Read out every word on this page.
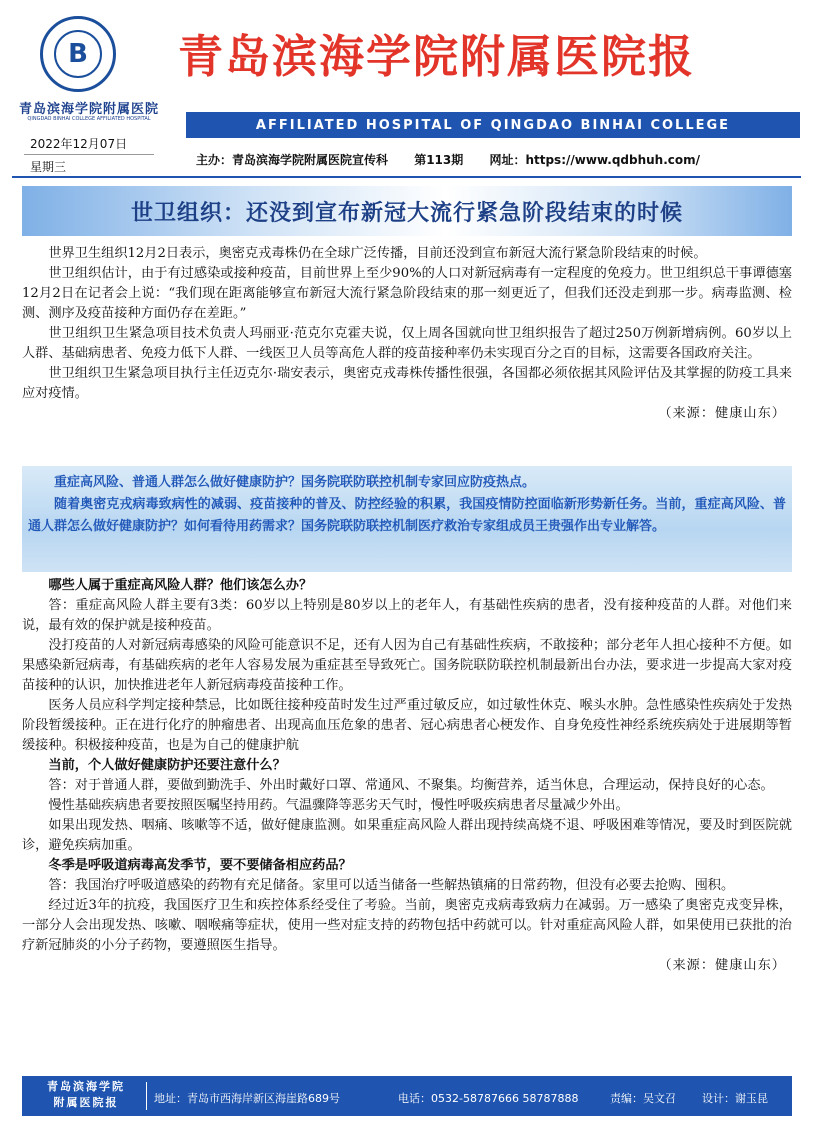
B
青岛滨海学院附属医院
QINGDAO BINHAI COLLEGE AFFILIATED HOSPITAL
青岛滨海学院附属医院报
AFFILIATED HOSPITAL OF QINGDAO BINHAI COLLEGE
2022年12月07日
星期三	主办：青岛滨海学院附属医院宣传科 第113期 网址：https://www.qdbhuh.com/
世卫组织：还没到宣布新冠大流行紧急阶段结束的时候

世界卫生组织12月2日表示，奥密克戎毒株仍在全球广泛传播，目前还没到宣布新冠大流行紧急阶段结束的时候。

世卫组织估计，由于有过感染或接种疫苗，目前世界上至少90%的人口对新冠病毒有一定程度的免疫力。世卫组织总干事谭德塞12月2日在记者会上说：“我们现在距离能够宣布新冠大流行紧急阶段结束的那一刻更近了，但我们还没走到那一步。病毒监测、检测、测序及疫苗接种方面仍存在差距。”

世卫组织卫生紧急项目技术负责人玛丽亚·范克尔克霍夫说，仅上周各国就向世卫组织报告了超过250万例新增病例。60岁以上人群、基础病患者、免疫力低下人群、一线医卫人员等高危人群的疫苗接种率仍未实现百分之百的目标，这需要各国政府关注。

世卫组织卫生紧急项目执行主任迈克尔·瑞安表示，奥密克戎毒株传播性很强，各国都必须依据其风险评估及其掌握的防疫工具来应对疫情。

（来源：健康山东）

重症高风险、普通人群怎么做好健康防护？国务院联防联控机制专家回应防疫热点。

随着奥密克戎病毒致病性的减弱、疫苗接种的普及、防控经验的积累，我国疫情防控面临新形势新任务。当前，重症高风险、普通人群怎么做好健康防护？如何看待用药需求？国务院联防联控机制医疗救治专家组成员王贵强作出专业解答。

哪些人属于重症高风险人群？他们该怎么办？

答：重症高风险人群主要有3类：60岁以上特别是80岁以上的老年人，有基础性疾病的患者，没有接种疫苗的人群。对他们来说，最有效的保护就是接种疫苗。

没打疫苗的人对新冠病毒感染的风险可能意识不足，还有人因为自己有基础性疾病，不敢接种；部分老年人担心接种不方便。如果感染新冠病毒，有基础疾病的老年人容易发展为重症甚至导致死亡。国务院联防联控机制最新出台办法，要求进一步提高大家对疫苗接种的认识，加快推进老年人新冠病毒疫苗接种工作。

医务人员应科学判定接种禁忌，比如既往接种疫苗时发生过严重过敏反应，如过敏性休克、喉头水肿。急性感染性疾病处于发热阶段暂缓接种。正在进行化疗的肿瘤患者、出现高血压危象的患者、冠心病患者心梗发作、自身免疫性神经系统疾病处于进展期等暂缓接种。积极接种疫苗，也是为自己的健康护航

当前，个人做好健康防护还要注意什么？

答：对于普通人群，要做到勤洗手、外出时戴好口罩、常通风、不聚集。均衡营养，适当休息，合理运动，保持良好的心态。

慢性基础疾病患者要按照医嘱坚持用药。气温骤降等恶劣天气时，慢性呼吸疾病患者尽量减少外出。

如果出现发热、咽痛、咳嗽等不适，做好健康监测。如果重症高风险人群出现持续高烧不退、呼吸困难等情况，要及时到医院就诊，避免疾病加重。

冬季是呼吸道病毒高发季节，要不要储备相应药品？

答：我国治疗呼吸道感染的药物有充足储备。家里可以适当储备一些解热镇痛的日常药物，但没有必要去抢购、囤积。

经过近3年的抗疫，我国医疗卫生和疾控体系经受住了考验。当前，奥密克戎病毒致病力在减弱。万一感染了奥密克戎变异株，一部分人会出现发热、咳嗽、咽喉痛等症状，使用一些对症支持的药物包括中药就可以。针对重症高风险人群，如果使用已获批的治疗新冠肺炎的小分子药物，要遵照医生指导。

（来源：健康山东）
青岛滨海学院
附属医院报	地址：青岛市西海岸新区海崖路689号	电话：0532-58787666 58787888	责编：吴文召 设计：谢玉昆
